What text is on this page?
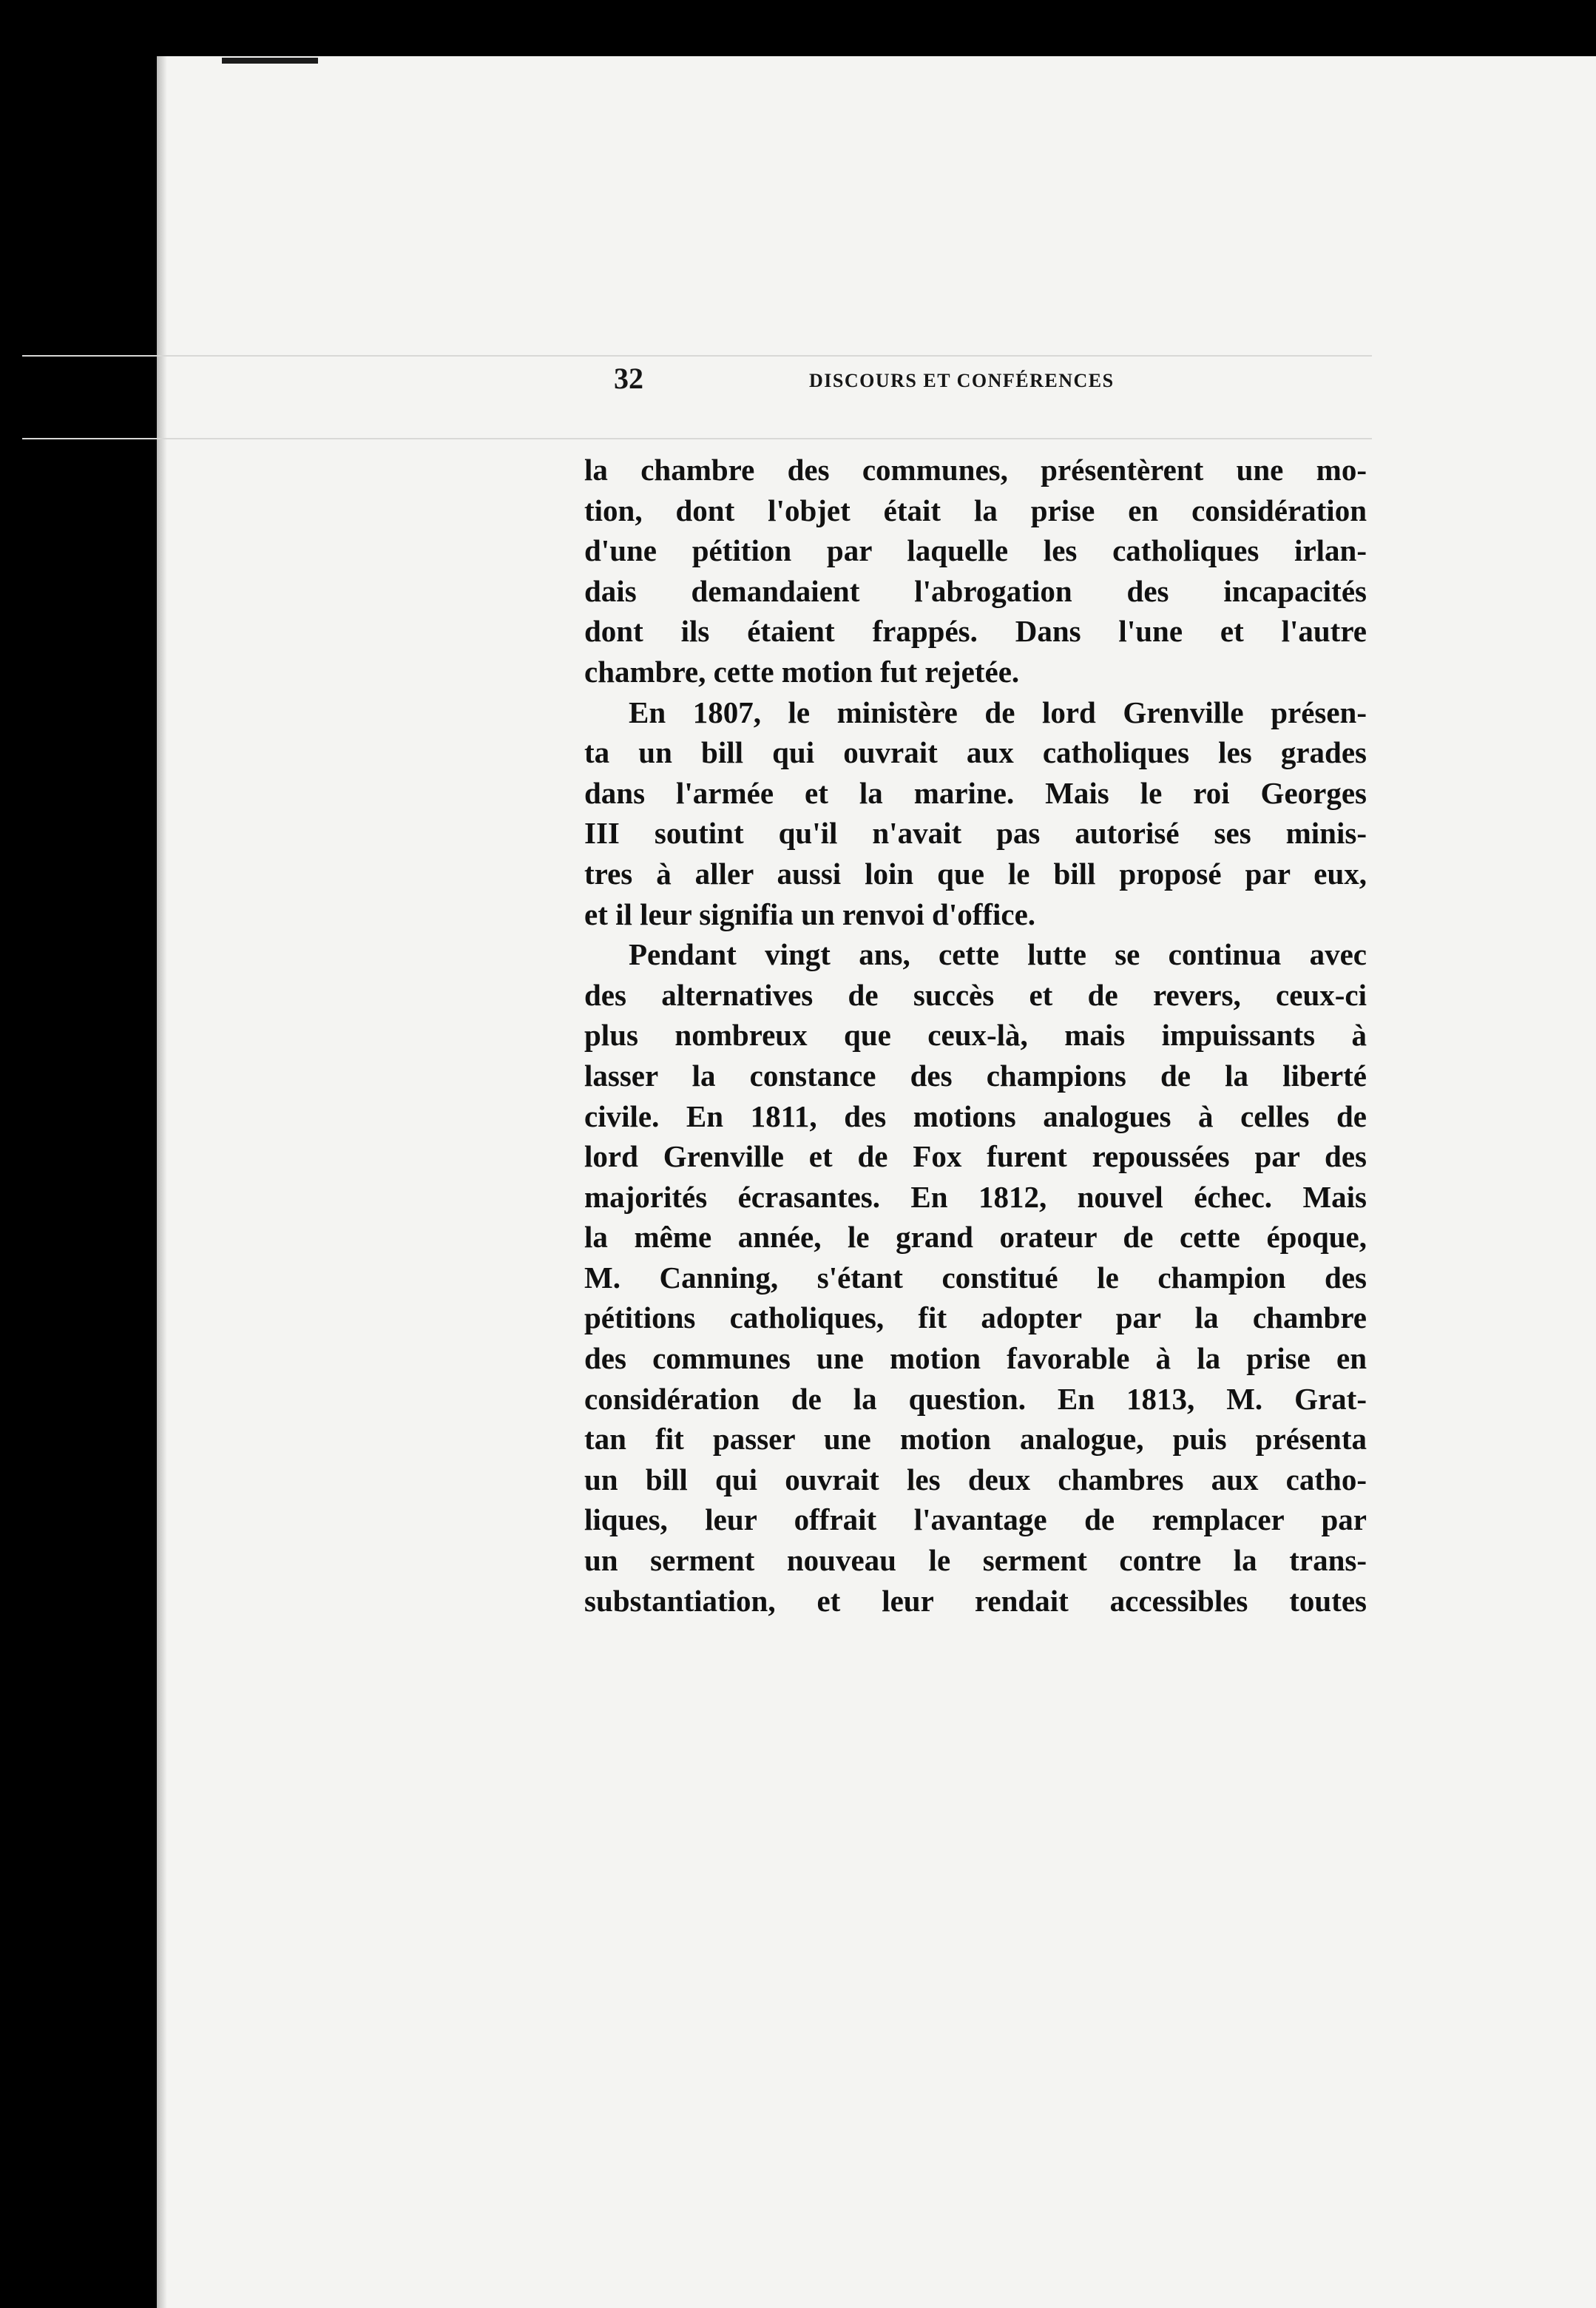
32	DISCOURS ET CONFÉRENCES
la chambre des communes, présentèrent une mo-
tion, dont l'objet était la prise en considération
d'une pétition par laquelle les catholiques irlan-
dais demandaient l'abrogation des incapacités
dont ils étaient frappés. Dans l'une et l'autre
chambre, cette motion fut rejetée.
En 1807, le ministère de lord Grenville présen-
ta un bill qui ouvrait aux catholiques les grades
dans l'armée et la marine. Mais le roi Georges
III soutint qu'il n'avait pas autorisé ses minis-
tres à aller aussi loin que le bill proposé par eux,
et il leur signifia un renvoi d'office.
Pendant vingt ans, cette lutte se continua avec
des alternatives de succès et de revers, ceux-ci
plus nombreux que ceux-là, mais impuissants à
lasser la constance des champions de la liberté
civile. En 1811, des motions analogues à celles de
lord Grenville et de Fox furent repoussées par des
majorités écrasantes. En 1812, nouvel échec. Mais
la même année, le grand orateur de cette époque,
M. Canning, s'étant constitué le champion des
pétitions catholiques, fit adopter par la chambre
des communes une motion favorable à la prise en
considération de la question. En 1813, M. Grat-
tan fit passer une motion analogue, puis présenta
un bill qui ouvrait les deux chambres aux catho-
liques, leur offrait l'avantage de remplacer par
un serment nouveau le serment contre la trans-
substantiation, et leur rendait accessibles toutes
